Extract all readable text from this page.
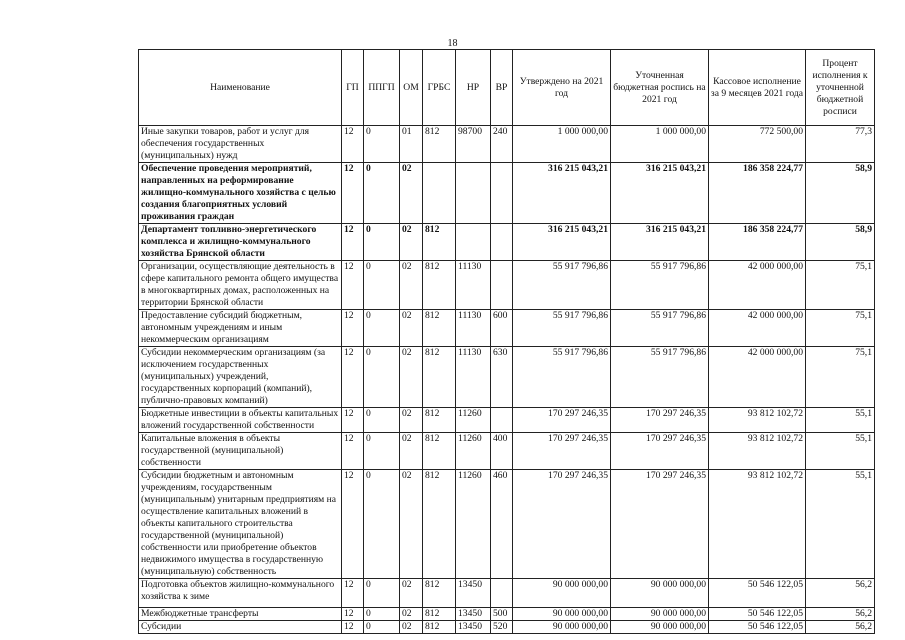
18
Наименование	ГП	ППГП	ОМ	ГРБС	НР	ВР	Утверждено на 2021 год	Уточненная бюджетная роспись на 2021 год	Кассовое исполнение за 9 месяцев 2021 года	Процент исполнения к уточненной бюджетной росписи
Иные закупки товаров, работ и услуг для обеспечения государственных (муниципальных) нужд	12	0	01	812	98700	240	1 000 000,00	1 000 000,00	772 500,00	77,3
Обеспечение проведения мероприятий, направленных на реформирование жилищно-коммунального хозяйства с целью создания благоприятных условий проживания граждан	12	0	02				316 215 043,21	316 215 043,21	186 358 224,77	58,9
Департамент топливно-энергетического комплекса и жилищно-коммунального хозяйства Брянской области	12	0	02	812			316 215 043,21	316 215 043,21	186 358 224,77	58,9
Организации, осуществляющие деятельность в сфере капитального ремонта общего имущества в многоквартирных домах, расположенных на территории Брянской области	12	0	02	812	11130		55 917 796,86	55 917 796,86	42 000 000,00	75,1
Предоставление субсидий бюджетным, автономным учреждениям и иным некоммерческим организациям	12	0	02	812	11130	600	55 917 796,86	55 917 796,86	42 000 000,00	75,1
Субсидии некоммерческим организациям (за исключением государственных (муниципальных) учреждений, государственных корпораций (компаний), публично-правовых компаний)	12	0	02	812	11130	630	55 917 796,86	55 917 796,86	42 000 000,00	75,1
Бюджетные инвестиции в объекты капитальных вложений государственной собственности	12	0	02	812	11260		170 297 246,35	170 297 246,35	93 812 102,72	55,1
Капитальные вложения в объекты государственной (муниципальной) собственности	12	0	02	812	11260	400	170 297 246,35	170 297 246,35	93 812 102,72	55,1
Субсидии бюджетным и автономным учреждениям, государственным (муниципальным) унитарным предприятиям на осуществление капитальных вложений в объекты капитального строительства государственной (муниципальной) собственности или приобретение объектов недвижимого имущества в государственную (муниципальную) собственность	12	0	02	812	11260	460	170 297 246,35	170 297 246,35	93 812 102,72	55,1
Подготовка объектов жилищно-коммунального хозяйства к зиме	12	0	02	812	13450		90 000 000,00	90 000 000,00	50 546 122,05	56,2
Межбюджетные трансферты	12	0	02	812	13450	500	90 000 000,00	90 000 000,00	50 546 122,05	56,2
Субсидии	12	0	02	812	13450	520	90 000 000,00	90 000 000,00	50 546 122,05	56,2
